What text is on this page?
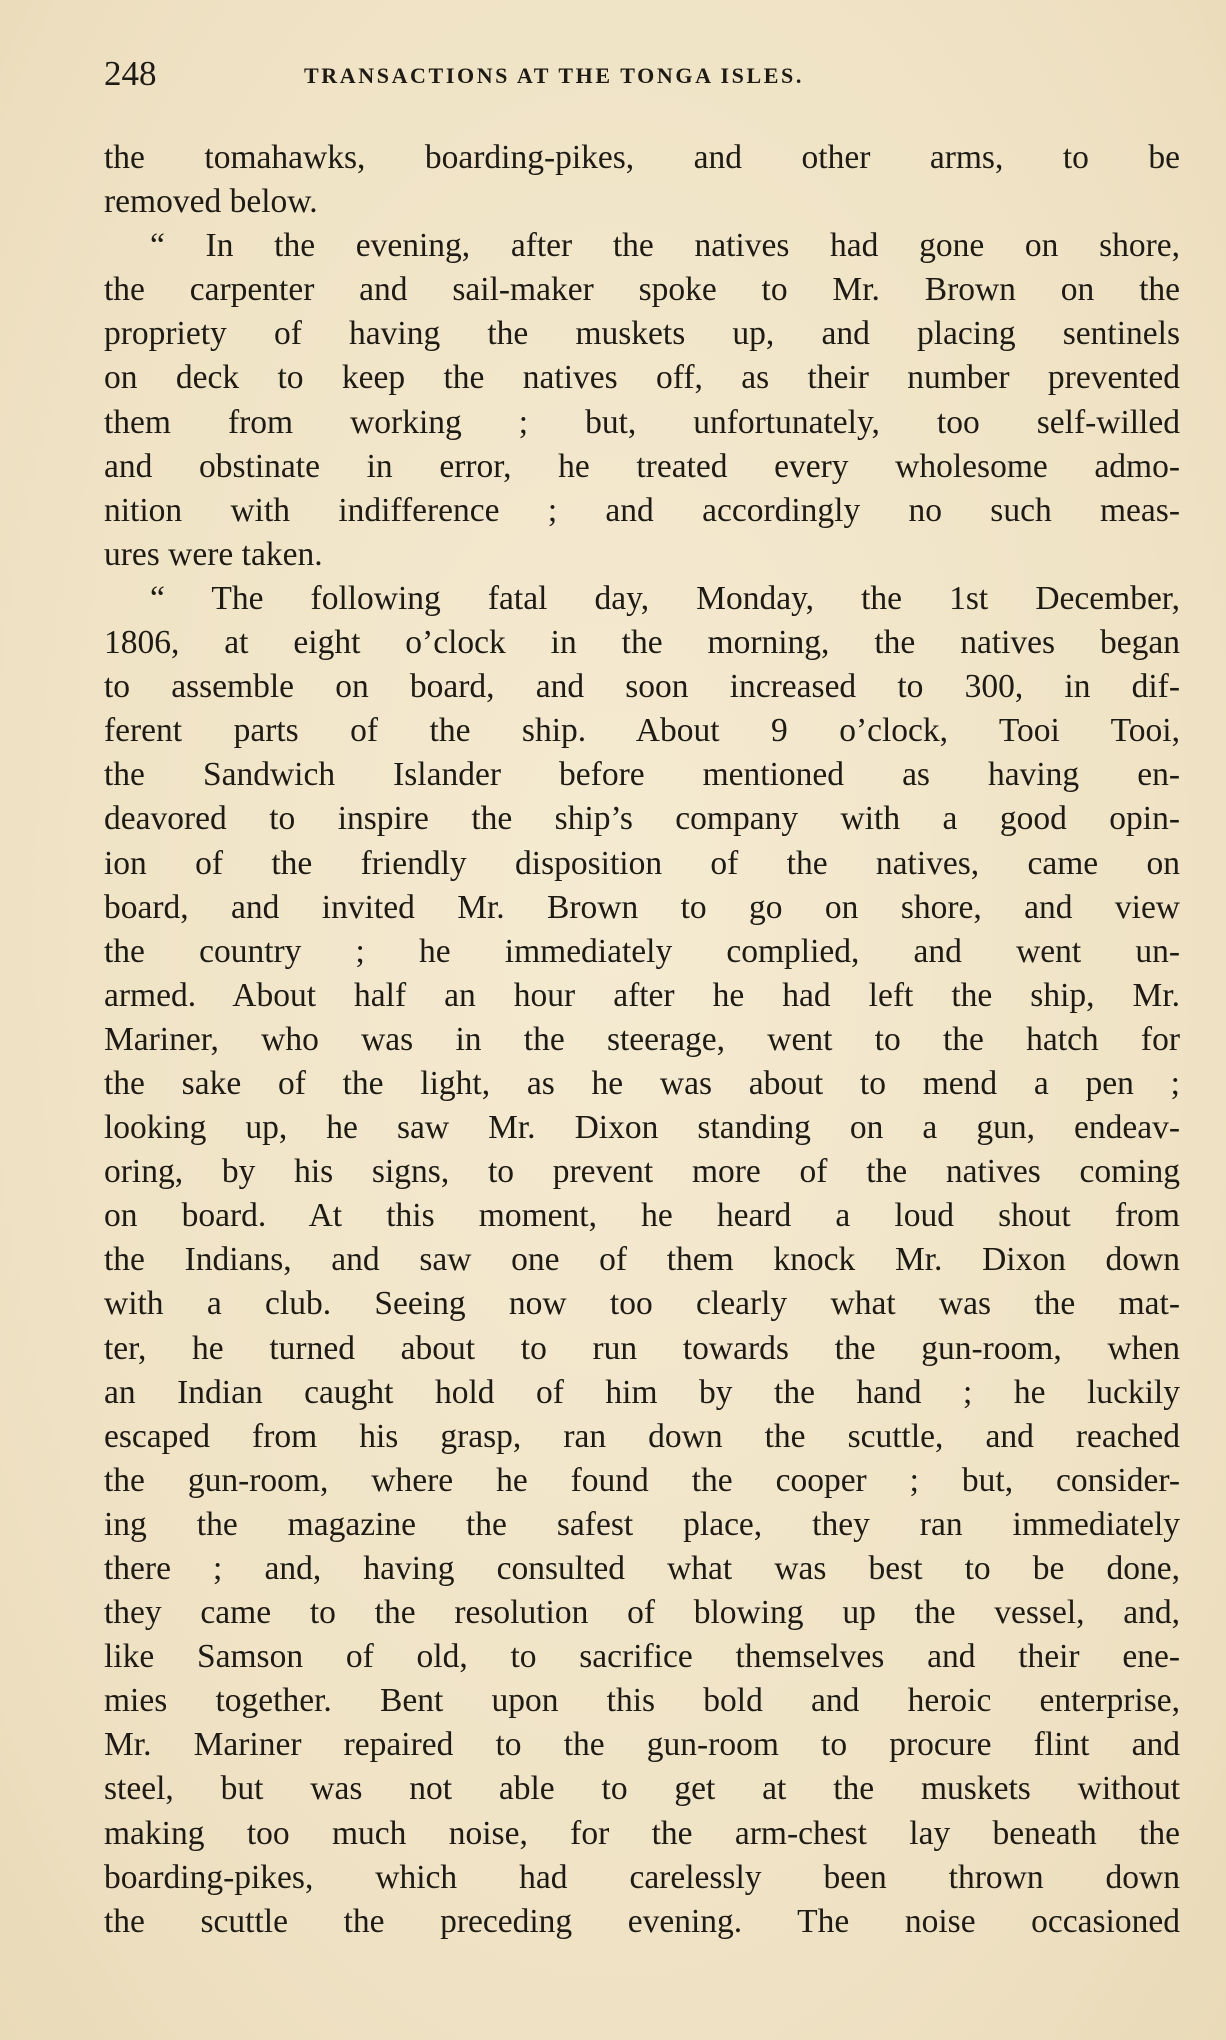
248	TRANSACTIONS AT THE TONGA ISLES.
the tomahawks, boarding-pikes, and other arms, to be
removed below.
“ In the evening, after the natives had gone on shore,
the carpenter and sail-maker spoke to Mr. Brown on the
propriety of having the muskets up, and placing sentinels
on deck to keep the natives off, as their number prevented
them from working ; but, unfortunately, too self-willed
and obstinate in error, he treated every wholesome admo-
nition with indifference ; and accordingly no such meas-
ures were taken.
“ The following fatal day, Monday, the 1st December,
1806, at eight o’clock in the morning, the natives began
to assemble on board, and soon increased to 300, in dif-
ferent parts of the ship. About 9 o’clock, Tooi Tooi,
the Sandwich Islander before mentioned as having en-
deavored to inspire the ship’s company with a good opin-
ion of the friendly disposition of the natives, came on
board, and invited Mr. Brown to go on shore, and view
the country ; he immediately complied, and went un-
armed. About half an hour after he had left the ship, Mr.
Mariner, who was in the steerage, went to the hatch for
the sake of the light, as he was about to mend a pen ;
looking up, he saw Mr. Dixon standing on a gun, endeav-
oring, by his signs, to prevent more of the natives coming
on board. At this moment, he heard a loud shout from
the Indians, and saw one of them knock Mr. Dixon down
with a club. Seeing now too clearly what was the mat-
ter, he turned about to run towards the gun-room, when
an Indian caught hold of him by the hand ; he luckily
escaped from his grasp, ran down the scuttle, and reached
the gun-room, where he found the cooper ; but, consider-
ing the magazine the safest place, they ran immediately
there ; and, having consulted what was best to be done,
they came to the resolution of blowing up the vessel, and,
like Samson of old, to sacrifice themselves and their ene-
mies together. Bent upon this bold and heroic enterprise,
Mr. Mariner repaired to the gun-room to procure flint and
steel, but was not able to get at the muskets without
making too much noise, for the arm-chest lay beneath the
boarding-pikes, which had carelessly been thrown down
the scuttle the preceding evening. The noise occasioned
